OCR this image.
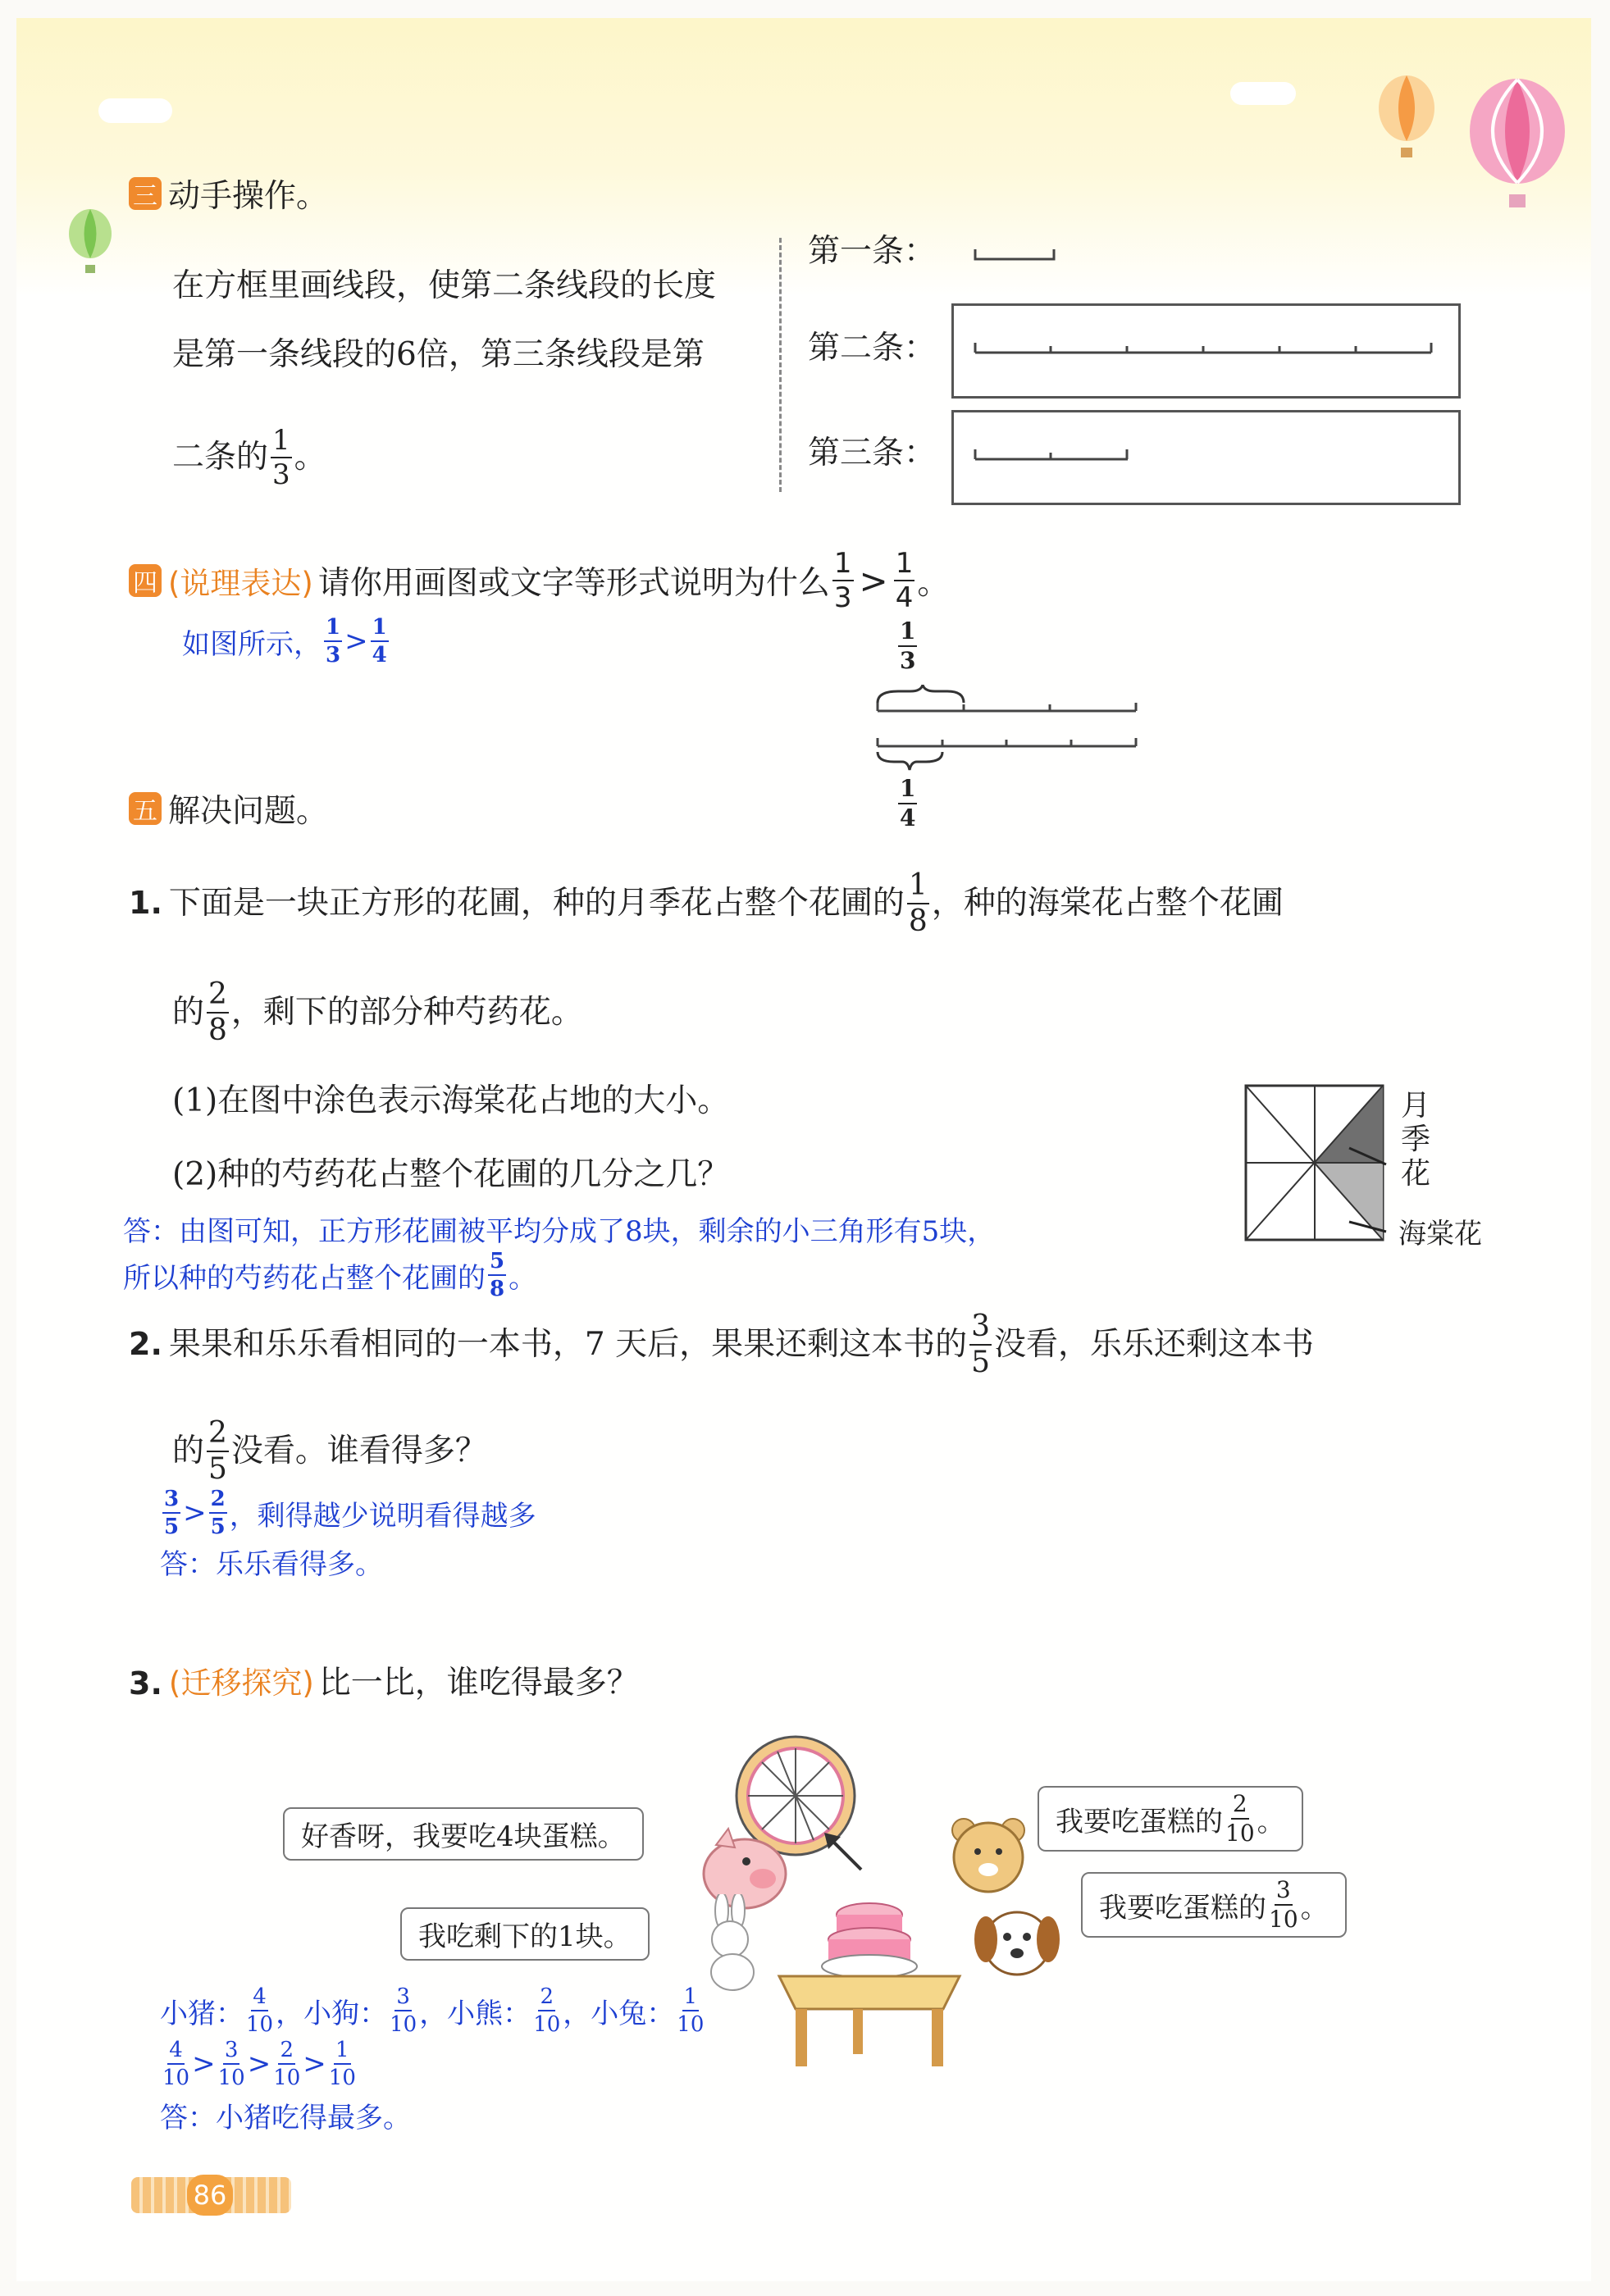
三 动手操作。
在方框里画线段，使第二条线段的长度
是第一条线段的6倍，第三条线段是第
二条的 $\frac{1}{3}$ 。
第一条：
第二条：
第三条：
四 (说理表达) 请你用画图或文字等形式说明为什么 $\frac{1}{3} > \frac{1}{4}$ 。
如图所示， $\frac{1}{3} > \frac{1}{4}$	$\frac{1}{3}$
$\frac{1}{4}$
五 解决问题。
1. 下面是一块正方形的花圃，种的月季花占整个花圃的 $\frac{1}{8}$ ，种的海棠花占整个花圃
的 $\frac{2}{8}$ ，剩下的部分种芍药花。
(1)在图中涂色表示海棠花占地的大小。
(2)种的芍药花占整个花圃的几分之几？
月季花
海棠花
答：由图可知，正方形花圃被平均分成了8块，剩余的小三角形有5块，
所以种的芍药花占整个花圃的 $\frac{5}{8}$ 。
2. 果果和乐乐看相同的一本书，7 天后，果果还剩这本书的 $\frac{3}{5}$ 没看，乐乐还剩这本书
的 $\frac{2}{5}$ 没看。谁看得多？
$\frac{3}{5} > \frac{2}{5}$ ，剩得越少说明看得越多
答：乐乐看得多。
3. (迁移探究) 比一比，谁吃得最多？
好香呀，我要吃4块蛋糕。
我吃剩下的1块。
我要吃蛋糕的 $\frac{2}{10}$ 。
我要吃蛋糕的 $\frac{3}{10}$ 。
小猪： $\frac{4}{10}$ ，小狗： $\frac{3}{10}$ ，小熊： $\frac{2}{10}$ ，小兔： $\frac{1}{10}$
$\frac{4}{10} > \frac{3}{10} > \frac{2}{10} > \frac{1}{10}$
答：小猪吃得最多。
86
